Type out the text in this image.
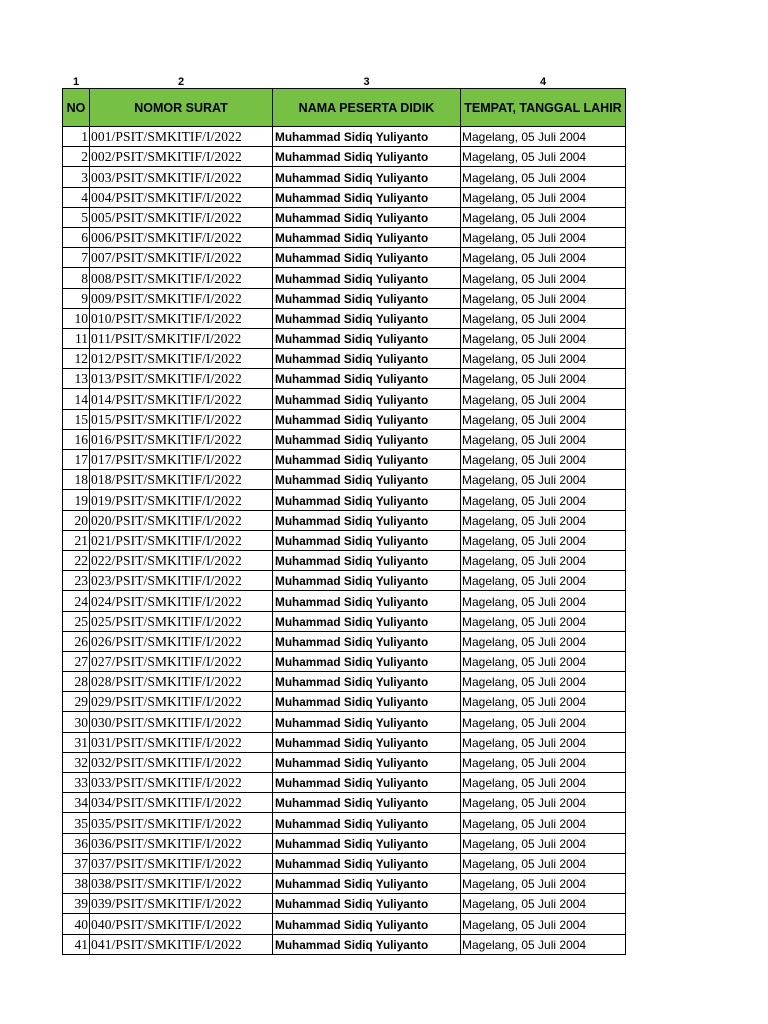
1	2	3	4
NO	NOMOR SURAT	NAMA PESERTA DIDIK	TEMPAT, TANGGAL LAHIR
1	001/PSIT/SMKITIF/I/2022	Muhammad Sidiq Yuliyanto	Magelang, 05 Juli 2004
2	002/PSIT/SMKITIF/I/2022	Muhammad Sidiq Yuliyanto	Magelang, 05 Juli 2004
3	003/PSIT/SMKITIF/I/2022	Muhammad Sidiq Yuliyanto	Magelang, 05 Juli 2004
4	004/PSIT/SMKITIF/I/2022	Muhammad Sidiq Yuliyanto	Magelang, 05 Juli 2004
5	005/PSIT/SMKITIF/I/2022	Muhammad Sidiq Yuliyanto	Magelang, 05 Juli 2004
6	006/PSIT/SMKITIF/I/2022	Muhammad Sidiq Yuliyanto	Magelang, 05 Juli 2004
7	007/PSIT/SMKITIF/I/2022	Muhammad Sidiq Yuliyanto	Magelang, 05 Juli 2004
8	008/PSIT/SMKITIF/I/2022	Muhammad Sidiq Yuliyanto	Magelang, 05 Juli 2004
9	009/PSIT/SMKITIF/I/2022	Muhammad Sidiq Yuliyanto	Magelang, 05 Juli 2004
10	010/PSIT/SMKITIF/I/2022	Muhammad Sidiq Yuliyanto	Magelang, 05 Juli 2004
11	011/PSIT/SMKITIF/I/2022	Muhammad Sidiq Yuliyanto	Magelang, 05 Juli 2004
12	012/PSIT/SMKITIF/I/2022	Muhammad Sidiq Yuliyanto	Magelang, 05 Juli 2004
13	013/PSIT/SMKITIF/I/2022	Muhammad Sidiq Yuliyanto	Magelang, 05 Juli 2004
14	014/PSIT/SMKITIF/I/2022	Muhammad Sidiq Yuliyanto	Magelang, 05 Juli 2004
15	015/PSIT/SMKITIF/I/2022	Muhammad Sidiq Yuliyanto	Magelang, 05 Juli 2004
16	016/PSIT/SMKITIF/I/2022	Muhammad Sidiq Yuliyanto	Magelang, 05 Juli 2004
17	017/PSIT/SMKITIF/I/2022	Muhammad Sidiq Yuliyanto	Magelang, 05 Juli 2004
18	018/PSIT/SMKITIF/I/2022	Muhammad Sidiq Yuliyanto	Magelang, 05 Juli 2004
19	019/PSIT/SMKITIF/I/2022	Muhammad Sidiq Yuliyanto	Magelang, 05 Juli 2004
20	020/PSIT/SMKITIF/I/2022	Muhammad Sidiq Yuliyanto	Magelang, 05 Juli 2004
21	021/PSIT/SMKITIF/I/2022	Muhammad Sidiq Yuliyanto	Magelang, 05 Juli 2004
22	022/PSIT/SMKITIF/I/2022	Muhammad Sidiq Yuliyanto	Magelang, 05 Juli 2004
23	023/PSIT/SMKITIF/I/2022	Muhammad Sidiq Yuliyanto	Magelang, 05 Juli 2004
24	024/PSIT/SMKITIF/I/2022	Muhammad Sidiq Yuliyanto	Magelang, 05 Juli 2004
25	025/PSIT/SMKITIF/I/2022	Muhammad Sidiq Yuliyanto	Magelang, 05 Juli 2004
26	026/PSIT/SMKITIF/I/2022	Muhammad Sidiq Yuliyanto	Magelang, 05 Juli 2004
27	027/PSIT/SMKITIF/I/2022	Muhammad Sidiq Yuliyanto	Magelang, 05 Juli 2004
28	028/PSIT/SMKITIF/I/2022	Muhammad Sidiq Yuliyanto	Magelang, 05 Juli 2004
29	029/PSIT/SMKITIF/I/2022	Muhammad Sidiq Yuliyanto	Magelang, 05 Juli 2004
30	030/PSIT/SMKITIF/I/2022	Muhammad Sidiq Yuliyanto	Magelang, 05 Juli 2004
31	031/PSIT/SMKITIF/I/2022	Muhammad Sidiq Yuliyanto	Magelang, 05 Juli 2004
32	032/PSIT/SMKITIF/I/2022	Muhammad Sidiq Yuliyanto	Magelang, 05 Juli 2004
33	033/PSIT/SMKITIF/I/2022	Muhammad Sidiq Yuliyanto	Magelang, 05 Juli 2004
34	034/PSIT/SMKITIF/I/2022	Muhammad Sidiq Yuliyanto	Magelang, 05 Juli 2004
35	035/PSIT/SMKITIF/I/2022	Muhammad Sidiq Yuliyanto	Magelang, 05 Juli 2004
36	036/PSIT/SMKITIF/I/2022	Muhammad Sidiq Yuliyanto	Magelang, 05 Juli 2004
37	037/PSIT/SMKITIF/I/2022	Muhammad Sidiq Yuliyanto	Magelang, 05 Juli 2004
38	038/PSIT/SMKITIF/I/2022	Muhammad Sidiq Yuliyanto	Magelang, 05 Juli 2004
39	039/PSIT/SMKITIF/I/2022	Muhammad Sidiq Yuliyanto	Magelang, 05 Juli 2004
40	040/PSIT/SMKITIF/I/2022	Muhammad Sidiq Yuliyanto	Magelang, 05 Juli 2004
41	041/PSIT/SMKITIF/I/2022	Muhammad Sidiq Yuliyanto	Magelang, 05 Juli 2004
